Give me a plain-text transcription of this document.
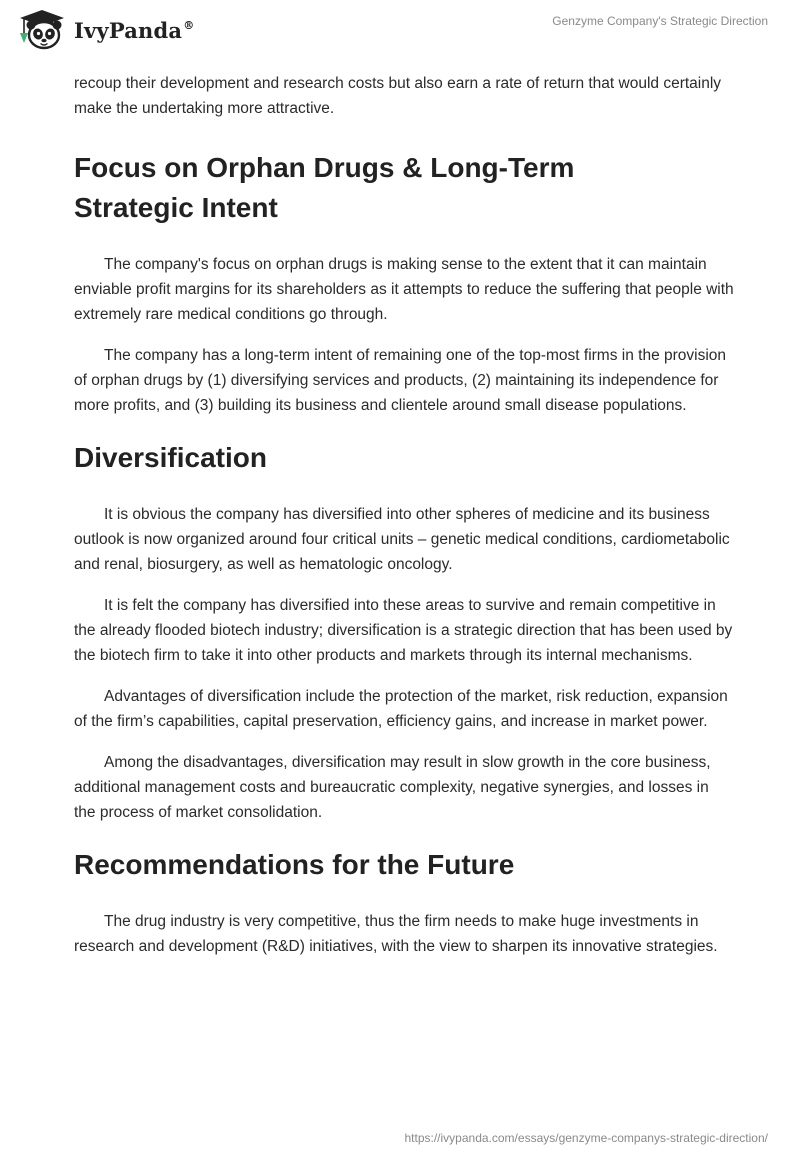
IvyPanda®	Genzyme Company's Strategic Direction

recoup their development and research costs but also earn a rate of return that would certainly make the undertaking more attractive.

Focus on Orphan Drugs & Long-Term Strategic Intent

The company's focus on orphan drugs is making sense to the extent that it can maintain enviable profit margins for its shareholders as it attempts to reduce the suffering that people with extremely rare medical conditions go through.

The company has a long-term intent of remaining one of the top-most firms in the provision of orphan drugs by (1) diversifying services and products, (2) maintaining its independence for more profits, and (3) building its business and clientele around small disease populations.

Diversification

It is obvious the company has diversified into other spheres of medicine and its business outlook is now organized around four critical units – genetic medical conditions, cardiometabolic and renal, biosurgery, as well as hematologic oncology.

It is felt the company has diversified into these areas to survive and remain competitive in the already flooded biotech industry; diversification is a strategic direction that has been used by the biotech firm to take it into other products and markets through its internal mechanisms.

Advantages of diversification include the protection of the market, risk reduction, expansion of the firm’s capabilities, capital preservation, efficiency gains, and increase in market power.

Among the disadvantages, diversification may result in slow growth in the core business, additional management costs and bureaucratic complexity, negative synergies, and losses in the process of market consolidation.

Recommendations for the Future

The drug industry is very competitive, thus the firm needs to make huge investments in research and development (R&D) initiatives, with the view to sharpen its innovative strategies.

https://ivypanda.com/essays/genzyme-companys-strategic-direction/
